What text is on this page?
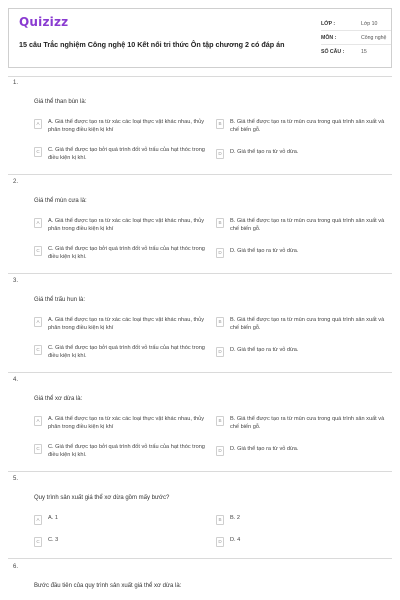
Quizizz
15 câu Trắc nghiệm Công nghệ 10 Kết nối tri thức Ôn tập chương 2 có đáp án
LỚP :	Lớp 10
MÔN :	Công nghệ
SỐ CÂU :	15
1.
Giá thể than bùn là:
A	A. Giá thể được tạo ra từ xác các loại thực vật khác nhau, thủy phân trong điều kiện kị khí
B	B. Giá thể được tạo ra từ mùn cưa trong quá trình sản xuất và chế biến gỗ.
C	C. Giá thể được tạo bởi quá trình đốt vỏ trấu của hạt thóc trong điều kiện kị khí.
D	D. Giá thể tạo ra từ vỏ dừa.
2.
Giá thể mùn cưa là:
A	A. Giá thể được tạo ra từ xác các loại thực vật khác nhau, thủy phân trong điều kiện kị khí
B	B. Giá thể được tạo ra từ mùn cưa trong quá trình sản xuất và chế biến gỗ.
C	C. Giá thể được tạo bởi quá trình đốt vỏ trấu của hạt thóc trong điều kiện kị khí.
D	D. Giá thể tạo ra từ vỏ dừa.
3.
Giá thể trấu hun là:
A	A. Giá thể được tạo ra từ xác các loại thực vật khác nhau, thủy phân trong điều kiện kị khí
B	B. Giá thể được tạo ra từ mùn cưa trong quá trình sản xuất và chế biến gỗ.
C	C. Giá thể được tạo bởi quá trình đốt vỏ trấu của hạt thóc trong điều kiện kị khí.
D	D. Giá thể tạo ra từ vỏ dừa.
4.
Giá thể xơ dừa là:
A	A. Giá thể được tạo ra từ xác các loại thực vật khác nhau, thủy phân trong điều kiện kị khí
B	B. Giá thể được tạo ra từ mùn cưa trong quá trình sản xuất và chế biến gỗ.
C	C. Giá thể được tạo bởi quá trình đốt vỏ trấu của hạt thóc trong điều kiện kị khí.
D	D. Giá thể tạo ra từ vỏ dừa.
5.
Quy trình sản xuất giá thể xơ dừa gồm mấy bước?
A	A. 1	B	B. 2
C	C. 3	D	D. 4
6.
Bước đầu tiên của quy trình sản xuất giá thể xơ dừa là:
